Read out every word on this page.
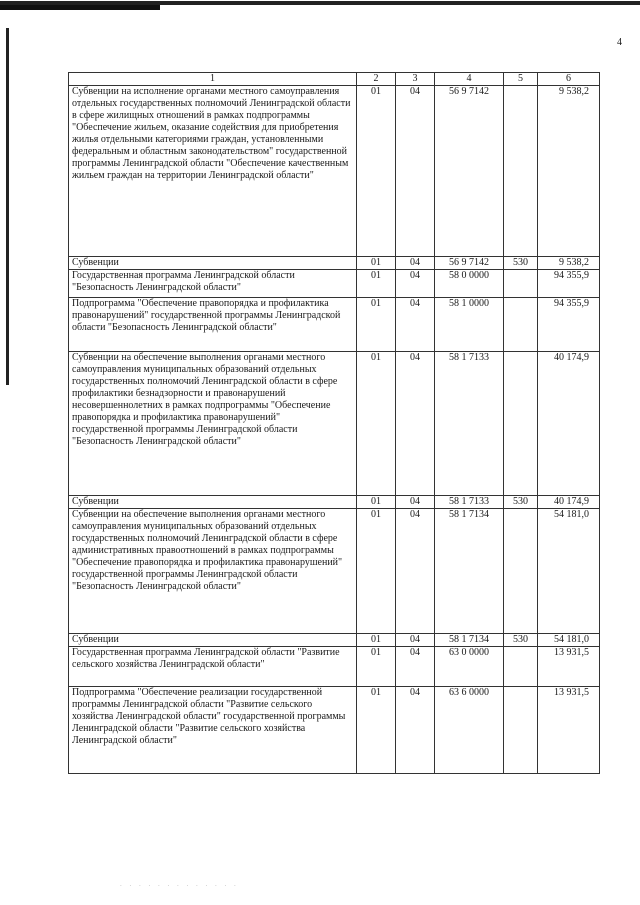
4
1	2	3	4	5	6
Субвенции на исполнение органами местного самоуправления отдельных государственных полномочий Ленинградской области в сфере жилищных отношений в рамках подпрограммы "Обеспечение жильем, оказание содействия для приобретения жилья отдельными категориями граждан, установленными федеральным и областным законодательством" государственной программы Ленинградской области "Обеспечение качественным жильем граждан на территории Ленинградской области"	01	04	56 9 7142		9 538,2
Субвенции	01	04	56 9 7142	530	9 538,2
Государственная программа Ленинградской области "Безопасность Ленинградской области"	01	04	58 0 0000		94 355,9
Подпрограмма "Обеспечение правопорядка и профилактика правонарушений" государственной программы Ленинградской области "Безопасность Ленинградской области"	01	04	58 1 0000		94 355,9
Субвенции на обеспечение выполнения органами местного самоуправления муниципальных образований отдельных государственных полномочий Ленинградской области в сфере профилактики безнадзорности и правонарушений несовершеннолетних в рамках подпрограммы "Обеспечение правопорядка и профилактика правонарушений" государственной программы Ленинградской области "Безопасность Ленинградской области"	01	04	58 1 7133		40 174,9
Субвенции	01	04	58 1 7133	530	40 174,9
Субвенции на обеспечение выполнения органами местного самоуправления муниципальных образований отдельных государственных полномочий Ленинградской области в сфере административных правоотношений в рамках подпрограммы "Обеспечение правопорядка и профилактика правонарушений" государственной программы Ленинградской области "Безопасность Ленинградской области"	01	04	58 1 7134		54 181,0
Субвенции	01	04	58 1 7134	530	54 181,0
Государственная программа Ленинградской области "Развитие сельского хозяйства Ленинградской области"	01	04	63 0 0000		13 931,5
Подпрограмма "Обеспечение реализации государственной программы Ленинградской области "Развитие сельского хозяйства Ленинградской области" государственной программы Ленинградской области "Развитие сельского хозяйства Ленинградской области"	01	04	63 6 0000		13 931,5
. . . . . . . . . . . . .
